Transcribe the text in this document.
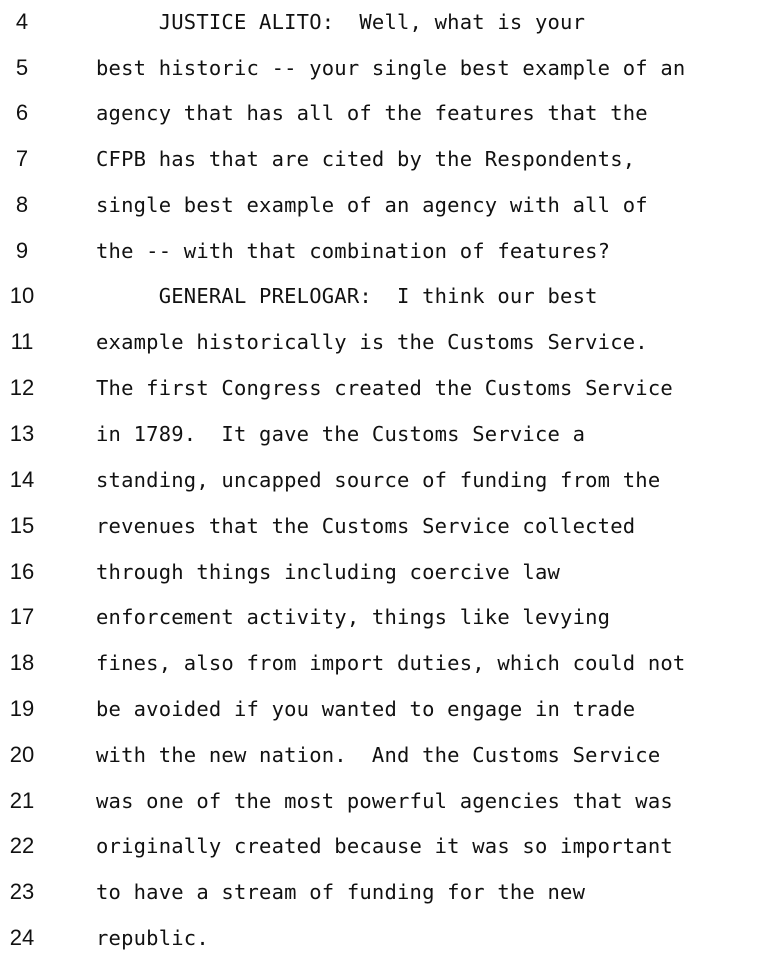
4	JUSTICE ALITO:  Well, what is your
5	best historic -- your single best example of an
6	agency that has all of the features that the
7	CFPB has that are cited by the Respondents,
8	single best example of an agency with all of
9	the -- with that combination of features?
10	GENERAL PRELOGAR:  I think our best
11	example historically is the Customs Service.
12	The first Congress created the Customs Service
13	in 1789.  It gave the Customs Service a
14	standing, uncapped source of funding from the
15	revenues that the Customs Service collected
16	through things including coercive law
17	enforcement activity, things like levying
18	fines, also from import duties, which could not
19	be avoided if you wanted to engage in trade
20	with the new nation.  And the Customs Service
21	was one of the most powerful agencies that was
22	originally created because it was so important
23	to have a stream of funding for the new
24	republic.
